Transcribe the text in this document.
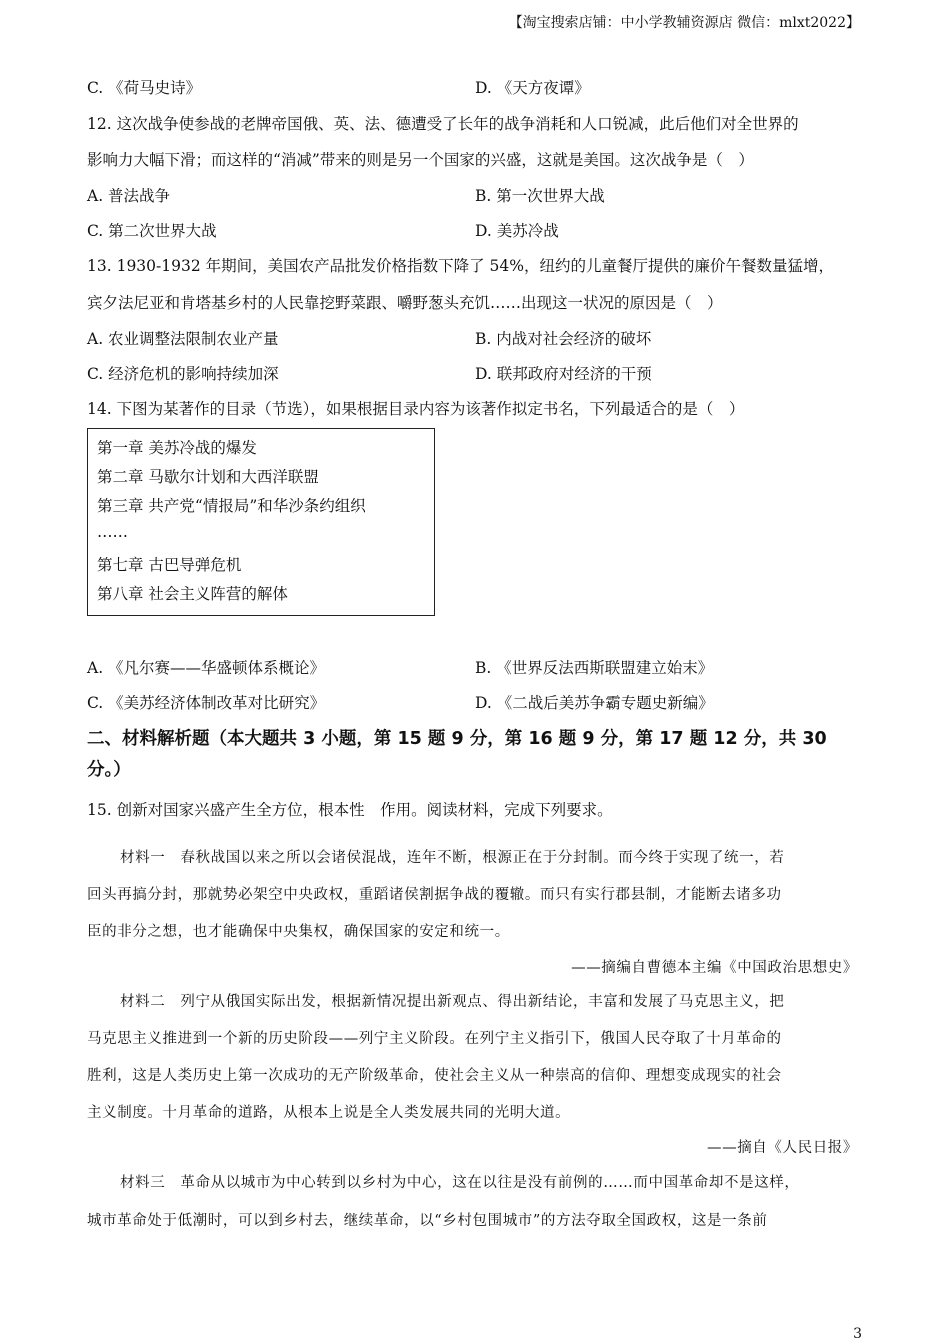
【淘宝搜索店铺：中小学教辅资源店 微信：mlxt2022】
C. 《荷马史诗》	D. 《天方夜谭》
12. 这次战争使参战的老牌帝国俄、英、法、德遭受了长年的战争消耗和人口锐减，此后他们对全世界的
影响力大幅下滑；而这样的“消减”带来的则是另一个国家的兴盛，这就是美国。这次战争是（　）
A. 普法战争	B. 第一次世界大战
C. 第二次世界大战	D. 美苏冷战
13. 1930-1932 年期间，美国农产品批发价格指数下降了 54%，纽约的儿童餐厅提供的廉价午餐数量猛增，
宾夕法尼亚和肯塔基乡村的人民靠挖野菜跟、嚼野葱头充饥……出现这一状况的原因是（　）
A. 农业调整法限制农业产量	B. 内战对社会经济的破坏
C. 经济危机的影响持续加深	D. 联邦政府对经济的干预
14. 下图为某著作的目录（节选），如果根据目录内容为该著作拟定书名，下列最适合的是（　）
第一章 美苏冷战的爆发
第二章 马歇尔计划和大西洋联盟
第三章 共产党“情报局”和华沙条约组织
……
第七章 古巴导弹危机
第八章 社会主义阵营的解体
A. 《凡尔赛——华盛顿体系概论》	B. 《世界反法西斯联盟建立始末》
C. 《美苏经济体制改革对比研究》	D. 《二战后美苏争霸专题史新编》
二、材料解析题（本大题共 3 小题，第 15 题 9 分，第 16 题 9 分，第 17 题 12 分，共 30
分。）
15. 创新对国家兴盛产生全方位，根本性　作用。阅读材料，完成下列要求。
材料一　春秋战国以来之所以会诸侯混战，连年不断，根源正在于分封制。而今终于实现了统一，若
回头再搞分封，那就势必架空中央政权，重蹈诸侯割据争战的覆辙。而只有实行郡县制，才能断去诸多功
臣的非分之想，也才能确保中央集权，确保国家的安定和统一。
——摘编自曹德本主编《中国政治思想史》
材料二　列宁从俄国实际出发，根据新情况提出新观点、得出新结论，丰富和发展了马克思主义，把
马克思主义推进到一个新的历史阶段——列宁主义阶段。在列宁主义指引下，俄国人民夺取了十月革命的
胜利，这是人类历史上第一次成功的无产阶级革命，使社会主义从一种崇高的信仰、理想变成现实的社会
主义制度。十月革命的道路，从根本上说是全人类发展共同的光明大道。
——摘自《人民日报》
材料三　革命从以城市为中心转到以乡村为中心，这在以往是没有前例的……而中国革命却不是这样，
城市革命处于低潮时，可以到乡村去，继续革命，以“乡村包围城市”的方法夺取全国政权，这是一条前
3
